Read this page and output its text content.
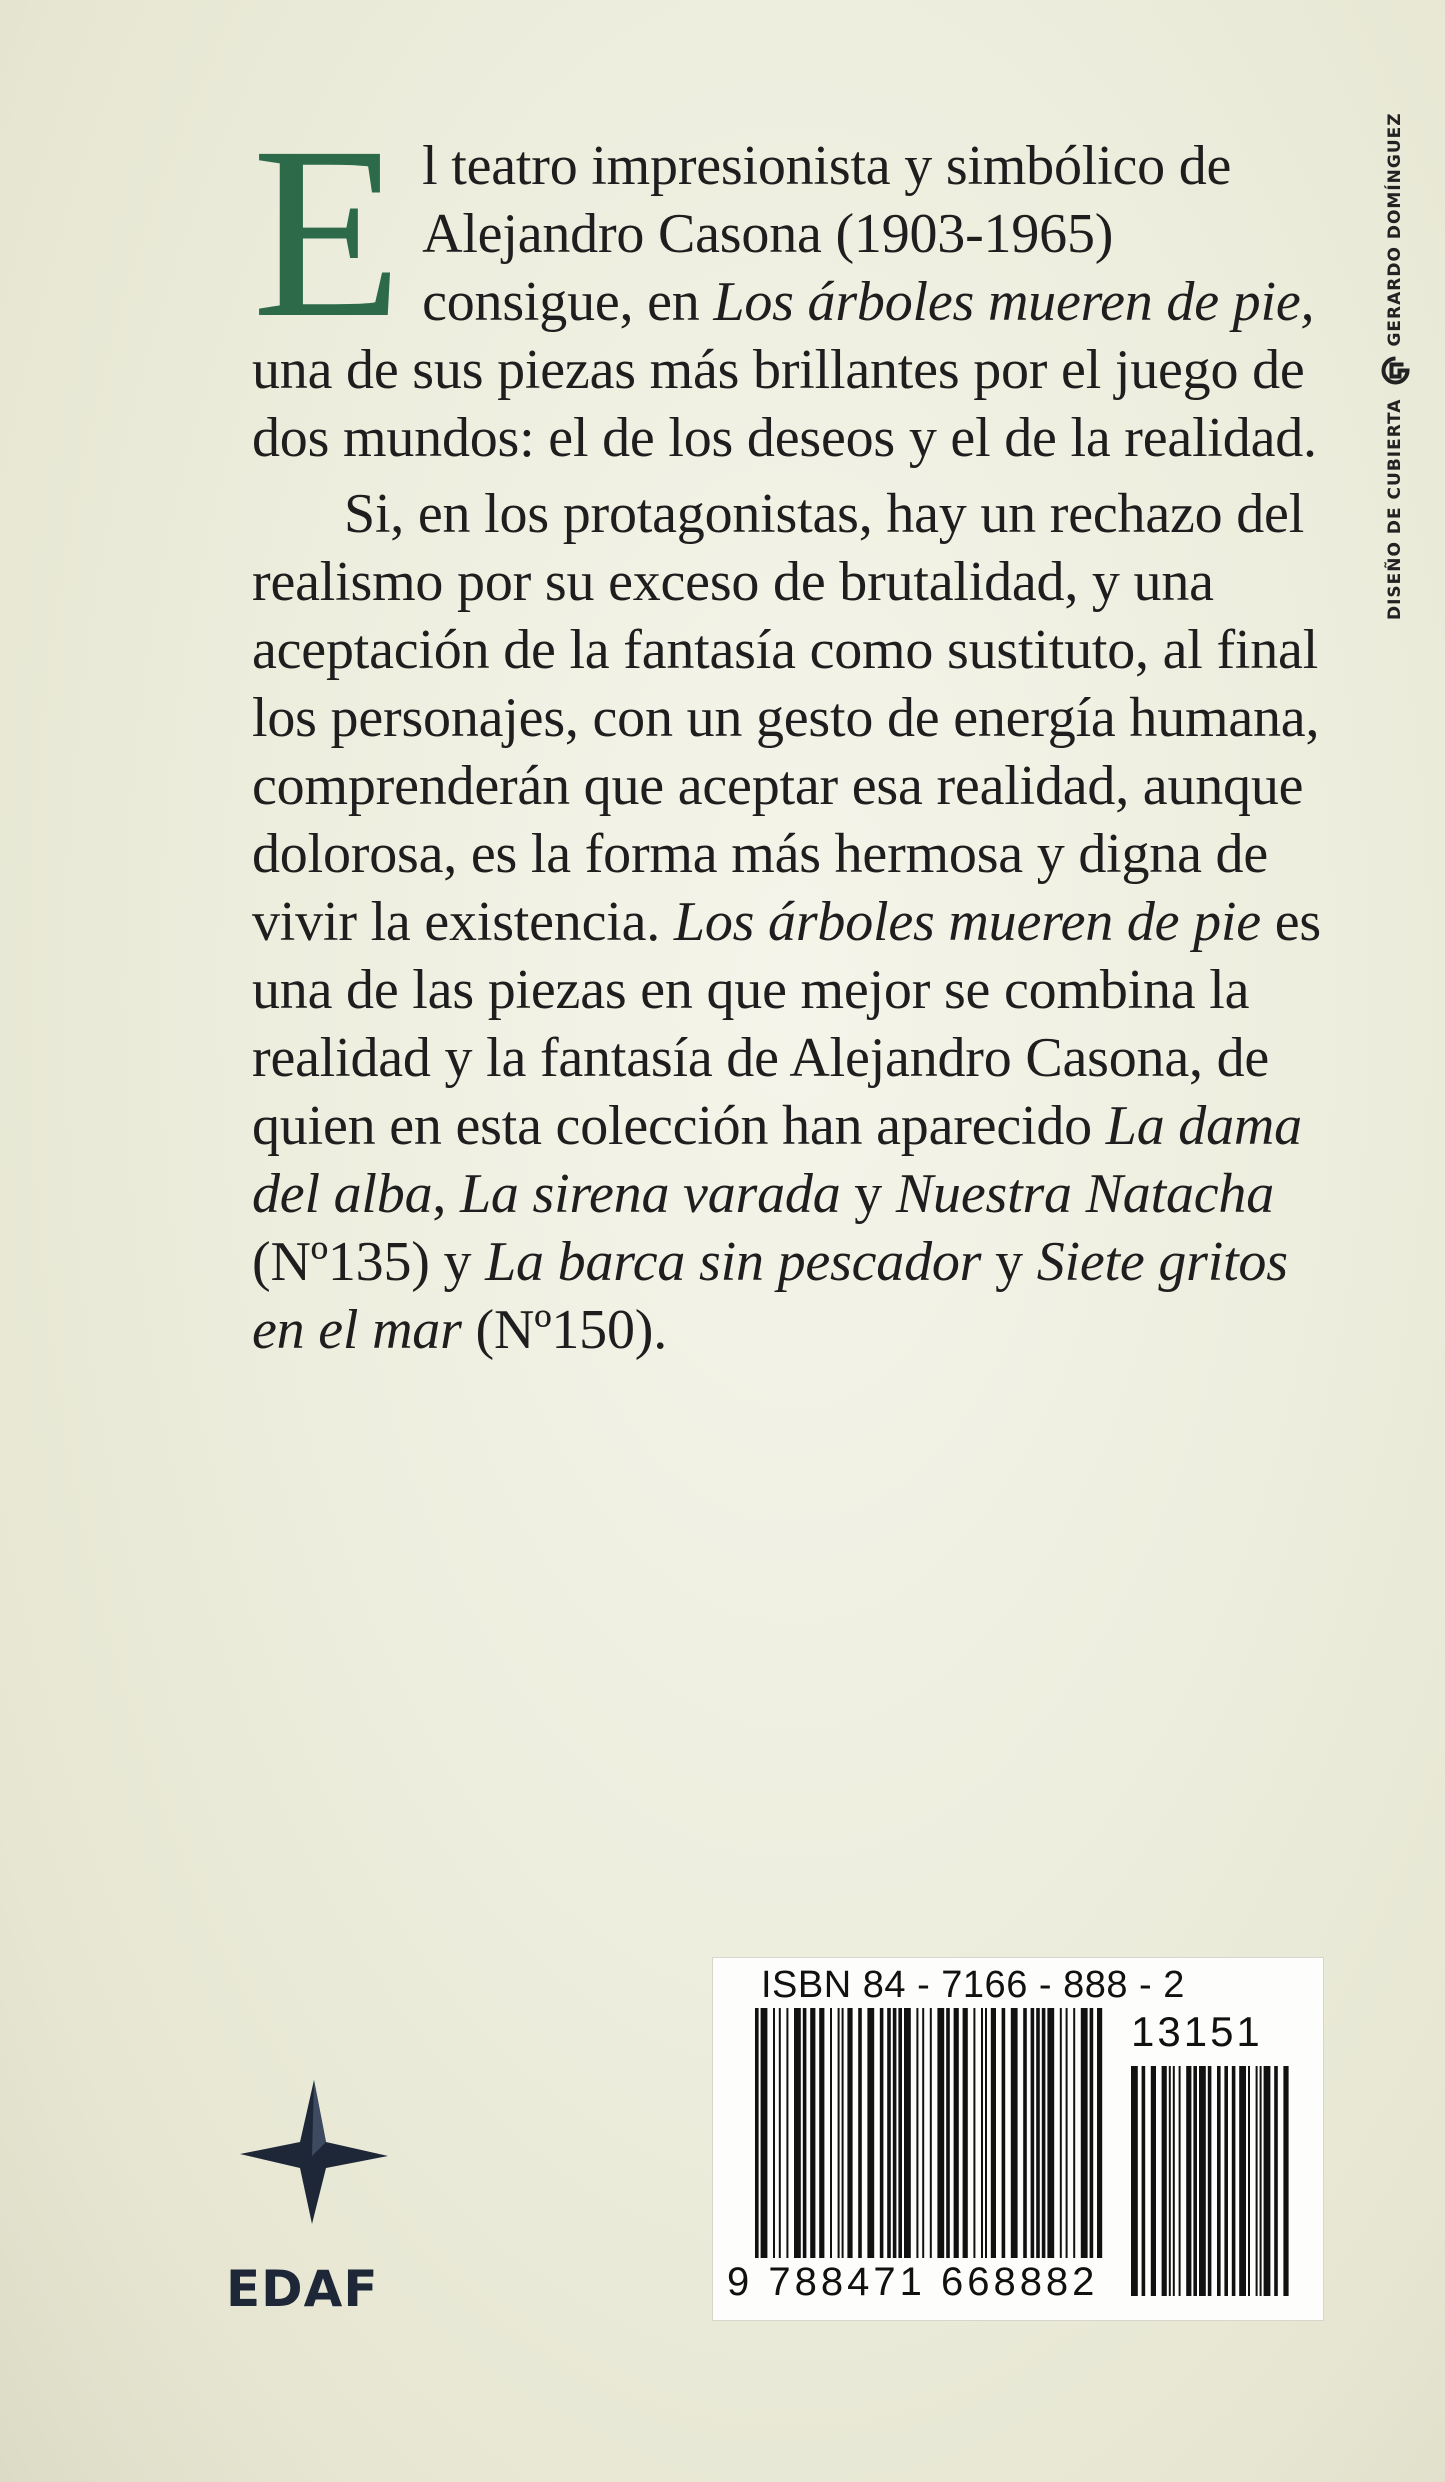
El teatro impresionista y simbólico de Alejandro Casona (1903-1965) consigue, en Los árboles mueren de pie, una de sus piezas más brillantes por el juego de dos mundos: el de los deseos y el de la realidad.

Si, en los protagonistas, hay un rechazo del realismo por su exceso de brutalidad, y una aceptación de la fantasía como sustituto, al final los personajes, con un gesto de energía humana, comprenderán que aceptar esa realidad, aunque dolorosa, es la forma más hermosa y digna de vivir la existencia. Los árboles mueren de pie es una de las piezas en que mejor se combina la realidad y la fantasía de Alejandro Casona, de quien en esta colección han aparecido La dama del alba, La sirena varada y Nuestra Natacha (Nº135) y La barca sin pescador y Siete gritos en el mar (Nº150).

DISEÑO DE CUBIERTA
GERARDO DOMÍNGUEZ
EDAF
ISBN 84 - 7166 - 888 - 2
13151
9 788471 668882
